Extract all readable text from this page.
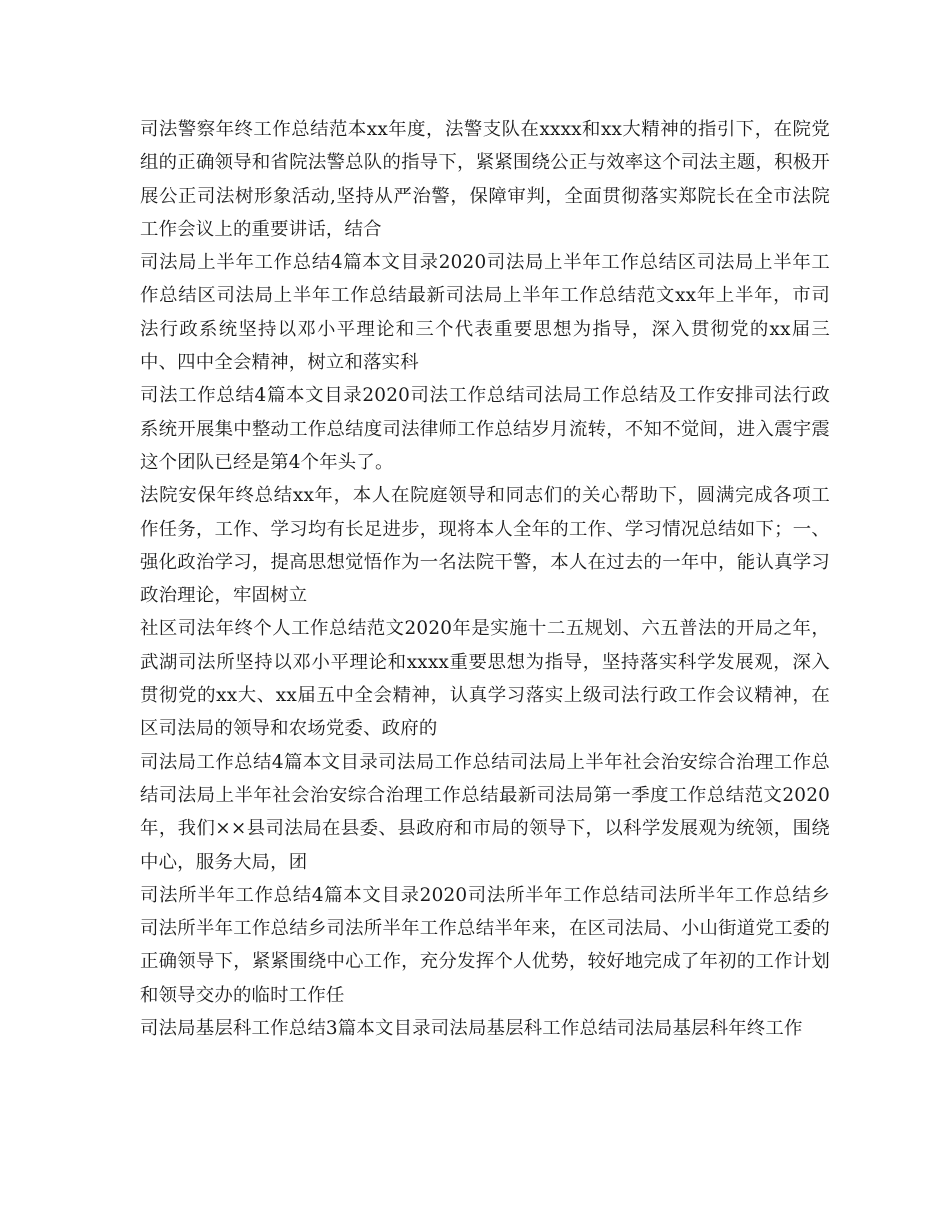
司法警察年终工作总结范本xx年度，法警支队在xxxx和xx大精神的指引下，在院党组的正确领导和省院法警总队的指导下，紧紧围绕公正与效率这个司法主题，积极开展公正司法树形象活动,坚持从严治警，保障审判，全面贯彻落实郑院长在全市法院工作会议上的重要讲话，结合

司法局上半年工作总结4篇本文目录2020司法局上半年工作总结区司法局上半年工作总结区司法局上半年工作总结最新司法局上半年工作总结范文xx年上半年，市司法行政系统坚持以邓小平理论和三个代表重要思想为指导，深入贯彻党的xx届三中、四中全会精神，树立和落实科

司法工作总结4篇本文目录2020司法工作总结司法局工作总结及工作安排司法行政系统开展集中整动工作总结度司法律师工作总结岁月流转，不知不觉间，进入震宇震这个团队已经是第4个年头了。

法院安保年终总结xx年，本人在院庭领导和同志们的关心帮助下，圆满完成各项工作任务，工作、学习均有长足进步，现将本人全年的工作、学习情况总结如下；一、强化政治学习，提高思想觉悟作为一名法院干警，本人在过去的一年中，能认真学习政治理论，牢固树立

社区司法年终个人工作总结范文2020年是实施十二五规划、六五普法的开局之年，武湖司法所坚持以邓小平理论和xxxx重要思想为指导，坚持落实科学发展观，深入贯彻党的xx大、xx届五中全会精神，认真学习落实上级司法行政工作会议精神，在区司法局的领导和农场党委、政府的

司法局工作总结4篇本文目录司法局工作总结司法局上半年社会治安综合治理工作总结司法局上半年社会治安综合治理工作总结最新司法局第一季度工作总结范文2020年，我们××县司法局在县委、县政府和市局的领导下，以科学发展观为统领，围绕中心，服务大局，团

司法所半年工作总结4篇本文目录2020司法所半年工作总结司法所半年工作总结乡司法所半年工作总结乡司法所半年工作总结半年来，在区司法局、小山街道党工委的正确领导下，紧紧围绕中心工作，充分发挥个人优势，较好地完成了年初的工作计划和领导交办的临时工作任

司法局基层科工作总结3篇本文目录司法局基层科工作总结司法局基层科年终工作
